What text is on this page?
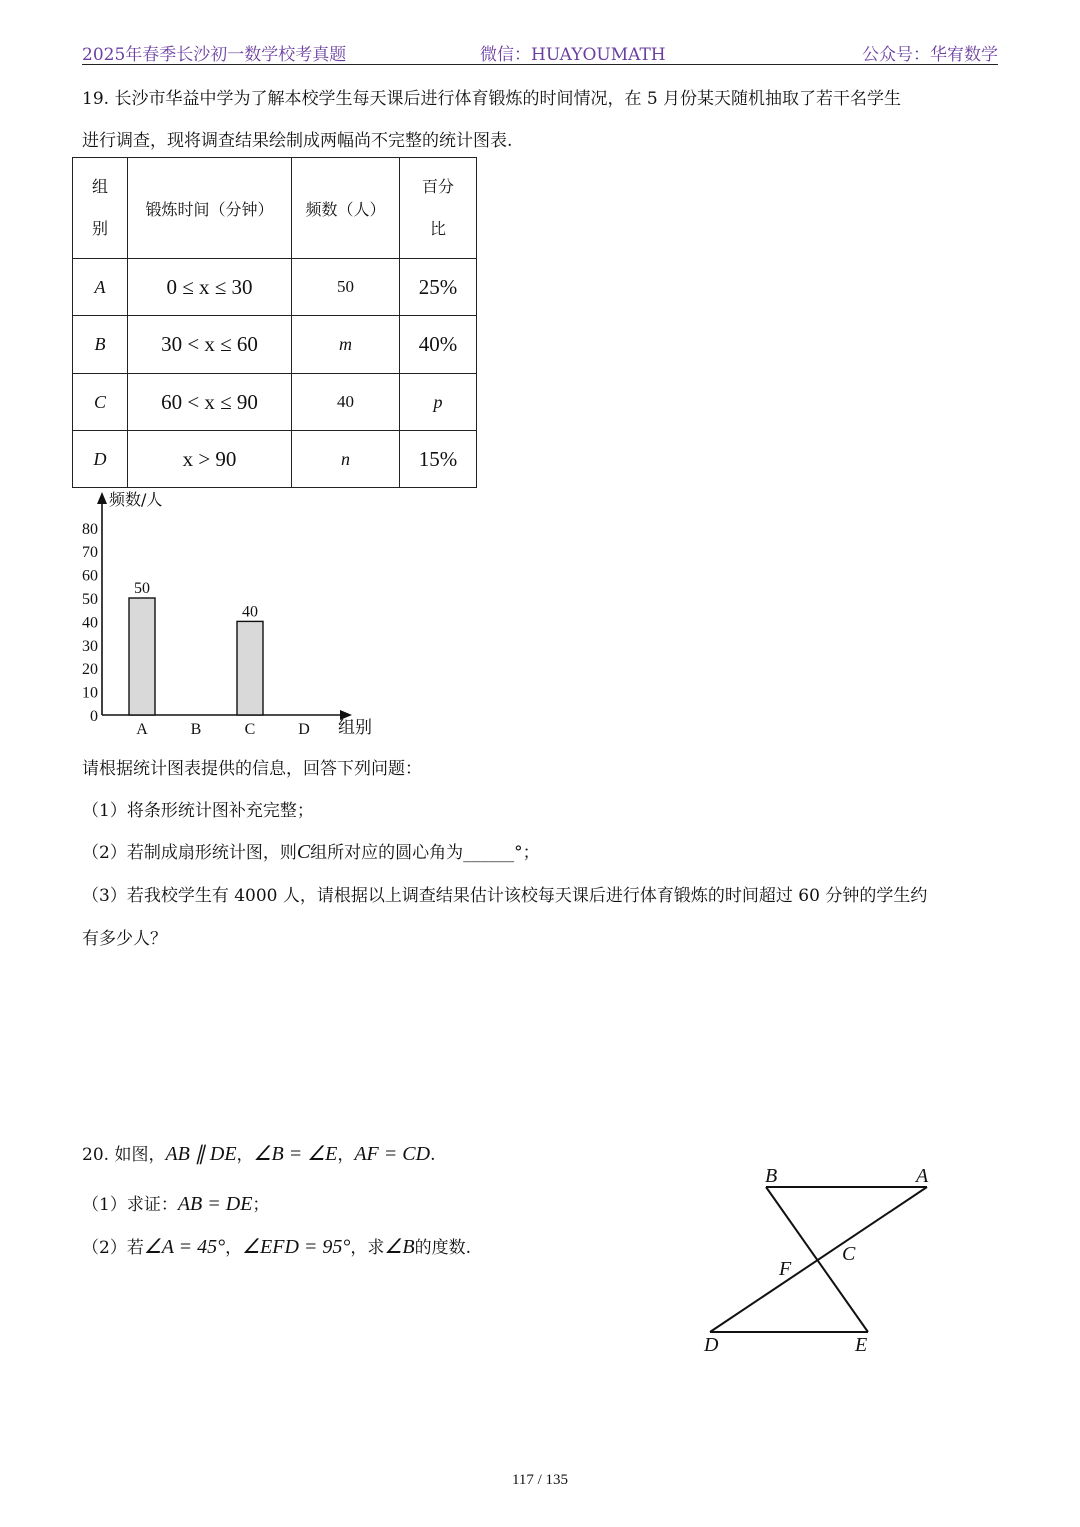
2025年春季长沙初一数学校考真题	微信：HUAYOUMATH	公众号：华宥数学
19. 长沙市华益中学为了解本校学生每天课后进行体育锻炼的时间情况，在 5 月份某天随机抽取了若干名学生
进行调查，现将调查结果绘制成两幅尚不完整的统计图表.
组
别	锻炼时间（分钟）	频数（人）	百分
比

A	0 ≤ x ≤ 30	50	25%
B	30 < x ≤ 60	m	40%
C	60 < x ≤ 90	40	p
D	x > 90	n	15%
频数/人
组别
0
10
20
30
40
50
60
70
80
50
A	B
40
C	D
请根据统计图表提供的信息，回答下列问题：
（1）将条形统计图补充完整；
（2）若制成扇形统计图，则C组所对应的圆心角为______°；
（3）若我校学生有 4000 人，请根据以上调查结果估计该校每天课后进行体育锻炼的时间超过 60 分钟的学生约
有多少人？
20. 如图，AB ∥ DE，∠B = ∠E，AF = CD.
（1）求证：AB = DE；
（2）若∠A = 45°，∠EFD = 95°，求∠B的度数.
B	A
C
F
D	E
117 / 135
